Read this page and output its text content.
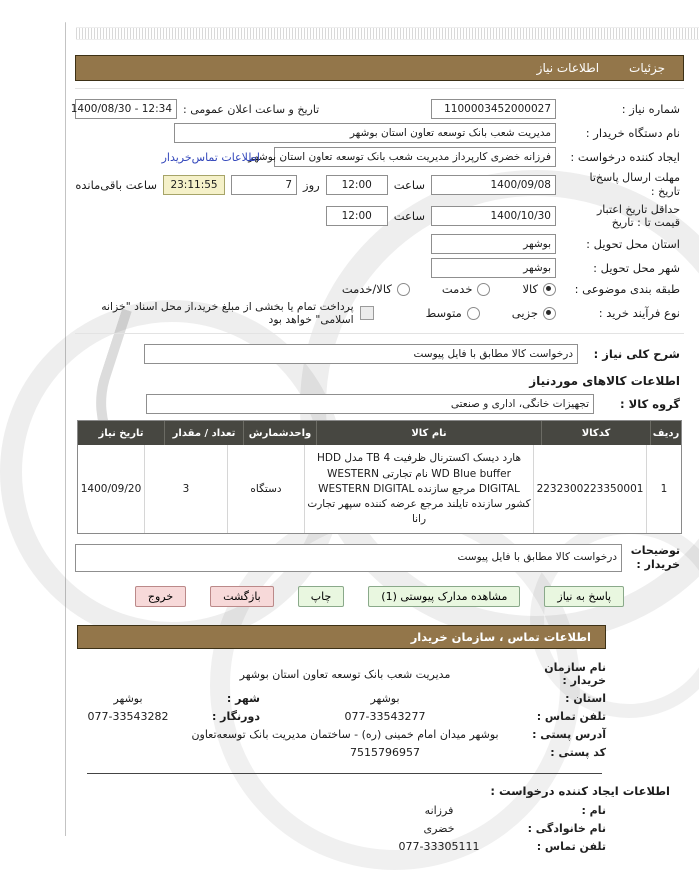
جزئیات
اطلاعات نیاز
شماره نیاز :
1100003452000027
تاریخ و ساعت اعلان عمومی :
12:34 - 1400/08/30
نام دستگاه خریدار :
مدیریت شعب بانک توسعه تعاون استان بوشهر
ایجاد کننده درخواست :
فرزانه خضری کارپرداز مدیریت شعب بانک توسعه تعاون استان بوشهر
اطلاعات تماس‌خریدار
مهلت ارسال پاسخ‌تا
تاریخ :
1400/09/08
ساعت
12:00
روز
7
23:11:55
ساعت باقی‌مانده
حداقل تاریخ اعتبار
قیمت تا : تاریخ
1400/10/30
ساعت
12:00
استان محل تحویل :
بوشهر
شهر محل تحویل :
بوشهر
طبقه بندی موضوعی :
کالا
خدمت
کالا/خدمت
نوع فرآیند خرید :
جزیی
متوسط
پرداخت تمام یا بخشی از مبلغ خرید،از محل اسناد "خزانه اسلامی" خواهد بود
شرح کلی نیاز :
درخواست کالا مطابق با فایل پیوست
اطلاعات کالاهای موردنیاز
گروه کالا :
تجهیزات خانگی، اداری و صنعتی
ردیف
کدکالا
نام کالا
واحدشمارش
تعداد / مقدار
تاریخ نیاز
1
2232300223350001
هارد دیسک اکسترنال ظرفیت 4 TB مدل HDD WD Blue buffer نام تجارتی WESTERN DIGITAL مرجع سازنده WESTERN DIGITAL کشور سازنده تایلند مرجع عرضه کننده سپهر تجارت رانا
دستگاه
3
1400/09/20
توضیحات
خریدار :
درخواست کالا مطابق با فایل پیوست
پاسخ به نیاز
مشاهده مدارک پیوستی (1)
چاپ
بازگشت
خروج
اطلاعات تماس ، سازمان خریدار
نام سازمان خریدار :
مدیریت شعب بانک توسعه تعاون استان بوشهر
استان :
بوشهر
شهر :
بوشهر
تلفن تماس :
077-33543277
دورنگار :
077-33543282
آدرس پستی :
بوشهر میدان امام خمینی (ره) - ساختمان مدیریت بانک توسعه‌تعاون
کد پستی :
7515796957
اطلاعات ایجاد کننده درخواست :
نام :
فرزانه
نام خانوادگی :
خضری
تلفن تماس :
077-33305111
